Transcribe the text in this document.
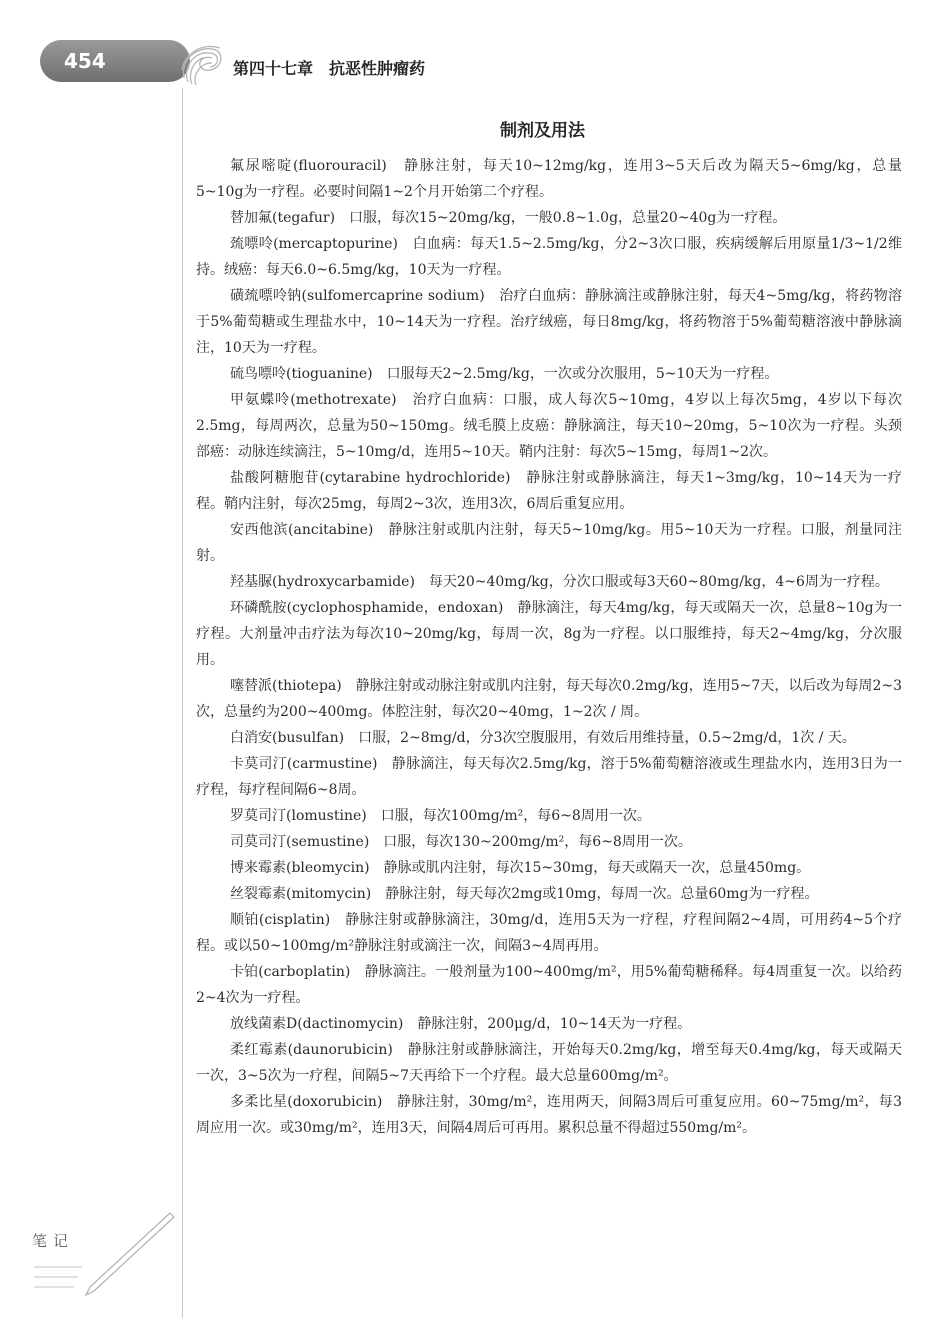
454	第四十七章　抗恶性肿瘤药
制剂及用法

氟尿嘧啶(fluorouracil)　静脉注射，每天10~12mg/kg，连用3~5天后改为隔天5~6mg/kg，总量5~10g为一疗程。必要时间隔1~2个月开始第二个疗程。

替加氟(tegafur)　口服，每次15~20mg/kg，一般0.8~1.0g，总量20~40g为一疗程。

巯嘌呤(mercaptopurine)　白血病：每天1.5~2.5mg/kg，分2~3次口服，疾病缓解后用原量1/3~1/2维持。绒癌：每天6.0~6.5mg/kg，10天为一疗程。

磺巯嘌呤钠(sulfomercaprine sodium)　治疗白血病：静脉滴注或静脉注射，每天4~5mg/kg，将药物溶于5%葡萄糖或生理盐水中，10~14天为一疗程。治疗绒癌，每日8mg/kg，将药物溶于5%葡萄糖溶液中静脉滴注，10天为一疗程。

硫鸟嘌呤(tioguanine)　口服每天2~2.5mg/kg，一次或分次服用，5~10天为一疗程。

甲氨蝶呤(methotrexate)　治疗白血病：口服，成人每次5~10mg，4岁以上每次5mg，4岁以下每次2.5mg，每周两次，总量为50~150mg。绒毛膜上皮癌：静脉滴注，每天10~20mg，5~10次为一疗程。头颈部癌：动脉连续滴注，5~10mg/d，连用5~10天。鞘内注射：每次5~15mg，每周1~2次。

盐酸阿糖胞苷(cytarabine hydrochloride)　静脉注射或静脉滴注，每天1~3mg/kg，10~14天为一疗程。鞘内注射，每次25mg，每周2~3次，连用3次，6周后重复应用。

安西他滨(ancitabine)　静脉注射或肌内注射，每天5~10mg/kg。用5~10天为一疗程。口服，剂量同注射。

羟基脲(hydroxycarbamide)　每天20~40mg/kg，分次口服或每3天60~80mg/kg，4~6周为一疗程。

环磷酰胺(cyclophosphamide，endoxan)　静脉滴注，每天4mg/kg，每天或隔天一次，总量8~10g为一疗程。大剂量冲击疗法为每次10~20mg/kg，每周一次，8g为一疗程。以口服维持，每天2~4mg/kg，分次服用。

噻替派(thiotepa)　静脉注射或动脉注射或肌内注射，每天每次0.2mg/kg，连用5~7天，以后改为每周2~3次，总量约为200~400mg。体腔注射，每次20~40mg，1~2次 / 周。

白消安(busulfan)　口服，2~8mg/d，分3次空腹服用，有效后用维持量，0.5~2mg/d，1次 / 天。

卡莫司汀(carmustine)　静脉滴注，每天每次2.5mg/kg，溶于5%葡萄糖溶液或生理盐水内，连用3日为一疗程，每疗程间隔6~8周。

罗莫司汀(lomustine)　口服，每次100mg/m²，每6~8周用一次。

司莫司汀(semustine)　口服，每次130~200mg/m²，每6~8周用一次。

博来霉素(bleomycin)　静脉或肌内注射，每次15~30mg，每天或隔天一次，总量450mg。

丝裂霉素(mitomycin)　静脉注射，每天每次2mg或10mg，每周一次。总量60mg为一疗程。

顺铂(cisplatin)　静脉注射或静脉滴注，30mg/d，连用5天为一疗程，疗程间隔2~4周，可用药4~5个疗程。或以50~100mg/m²静脉注射或滴注一次，间隔3~4周再用。

卡铂(carboplatin)　静脉滴注。一般剂量为100~400mg/m²，用5%葡萄糖稀释。每4周重复一次。以给药2~4次为一疗程。

放线菌素D(dactinomycin)　静脉注射，200μg/d，10~14天为一疗程。

柔红霉素(daunorubicin)　静脉注射或静脉滴注，开始每天0.2mg/kg，增至每天0.4mg/kg，每天或隔天一次，3~5次为一疗程，间隔5~7天再给下一个疗程。最大总量600mg/m²。

多柔比星(doxorubicin)　静脉注射，30mg/m²，连用两天，间隔3周后可重复应用。60~75mg/m²，每3周应用一次。或30mg/m²，连用3天，间隔4周后可再用。累积总量不得超过550mg/m²。

笔记
